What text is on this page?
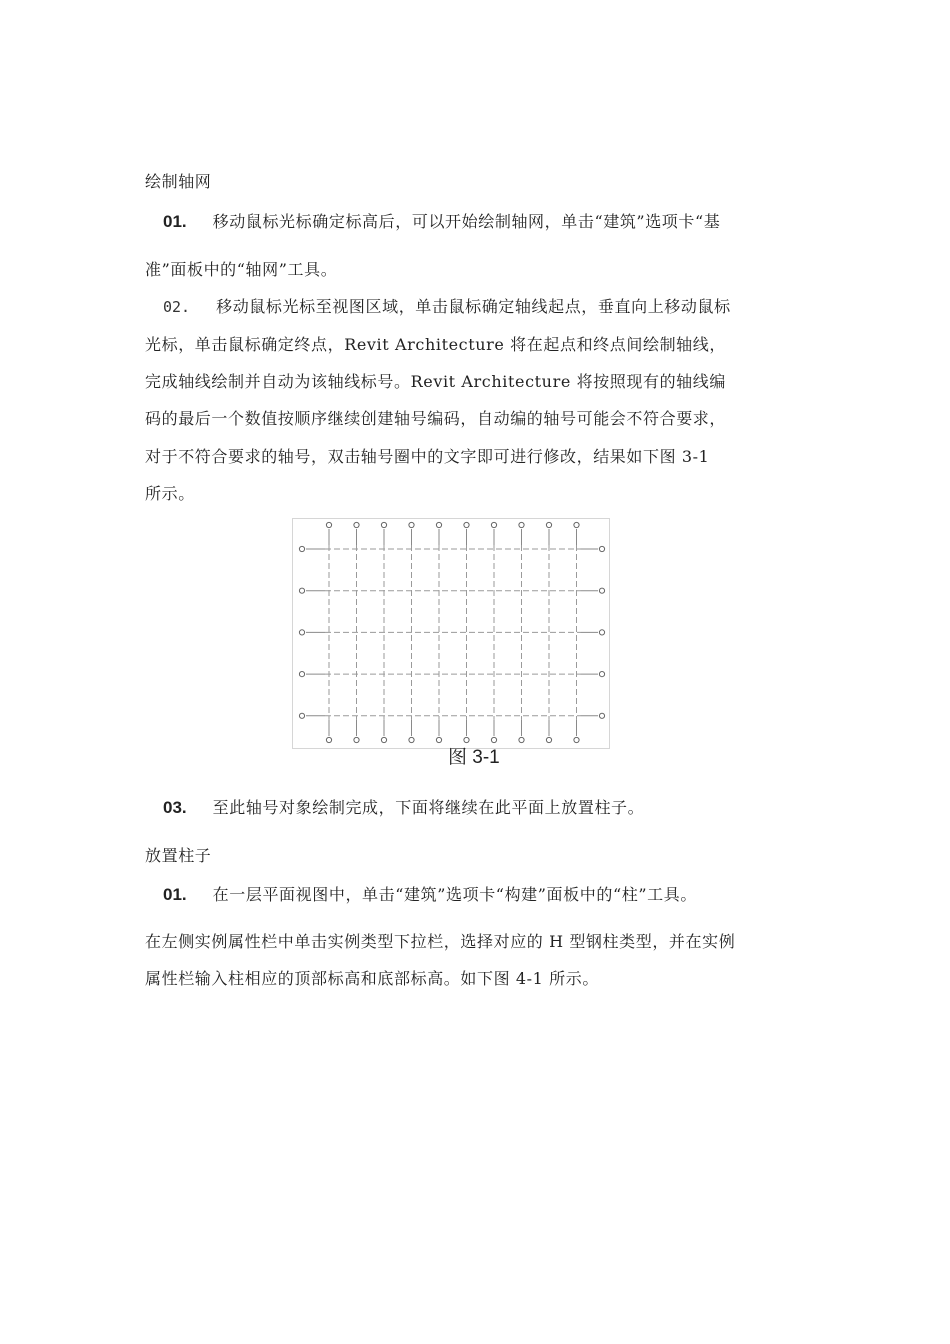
绘制轴网
01. 移动鼠标光标确定标高后，可以开始绘制轴网，单击“建筑”选项卡“基
准”面板中的“轴网”工具。
02. 移动鼠标光标至视图区域，单击鼠标确定轴线起点，垂直向上移动鼠标
光标，单击鼠标确定终点，Revit Architecture 将在起点和终点间绘制轴线，
完成轴线绘制并自动为该轴线标号。Revit Architecture 将按照现有的轴线编
码的最后一个数值按顺序继续创建轴号编码，自动编的轴号可能会不符合要求，
对于不符合要求的轴号，双击轴号圈中的文字即可进行修改，结果如下图 3-1
所示。
图 3-1
03. 至此轴号对象绘制完成，下面将继续在此平面上放置柱子。
放置柱子
01. 在一层平面视图中，单击“建筑”选项卡“构建”面板中的“柱”工具。
在左侧实例属性栏中单击实例类型下拉栏，选择对应的 H 型钢柱类型，并在实例
属性栏输入柱相应的顶部标高和底部标高。如下图 4-1 所示。
